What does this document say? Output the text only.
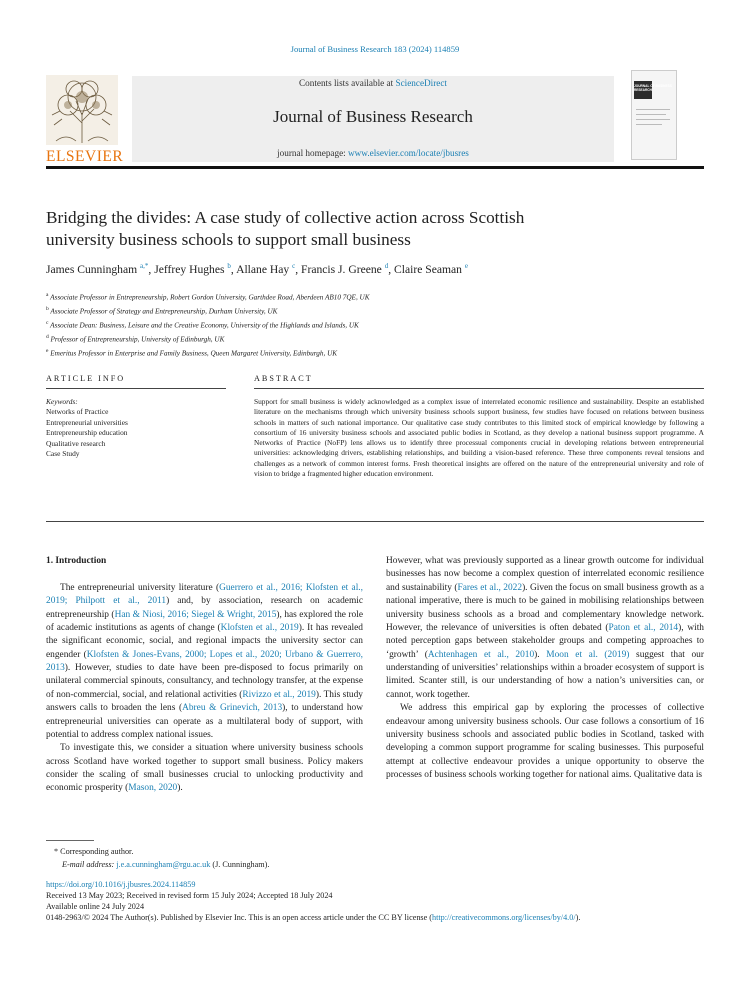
Journal of Business Research 183 (2024) 114859
ELSEVIER
Contents lists available at ScienceDirect
Journal of Business Research
journal homepage: www.elsevier.com/locate/jbusres
JOURNAL OF BUSINESS RESEARCH
Bridging the divides: A case study of collective action across Scottish
university business schools to support small business
James Cunningham $^{a,*}$, Jeffrey Hughes $^b$, Allane Hay $^c$, Francis J. Greene $^d$, Claire Seaman $^e$
$^a$ Associate Professor in Entrepreneurship, Robert Gordon University, Garthdee Road, Aberdeen AB10 7QE, UK
$^b$ Associate Professor of Strategy and Entrepreneurship, Durham University, UK
$^c$ Associate Dean: Business, Leisure and the Creative Economy, University of the Highlands and Islands, UK
$^d$ Professor of Entrepreneurship, University of Edinburgh, UK
$^e$ Emeritus Professor in Enterprise and Family Business, Queen Margaret University, Edinburgh, UK
ARTICLE INFO	ABSTRACT
Keywords:
Networks of Practice
Entrepreneurial universities
Entrepreneurship education
Qualitative research
Case Study
Support for small business is widely acknowledged as a complex issue of interrelated economic resilience and sustainability. Despite an established literature on the mechanisms through which university business schools support business, few studies have focused on relations between business schools in matters of such national importance. Our qualitative case study contributes to this limited stock of empirical knowledge by following a consortium of 16 university business schools and associated public bodies in Scotland, as they develop a national business support programme. A Networks of Practice (NoFP) lens allows us to identify three processual components crucial in developing relations between entrepreneurial universities: acknowledging drivers, establishing relationships, and building a vision-based reference. These three components reveal tensions and challenges as a network of common interest forms. Fresh theoretical insights are offered on the nature of the entrepreneurial university and role of vision to bridge a fragmented higher education environment.
1. Introduction

The entrepreneurial university literature (Guerrero et al., 2016; Klofsten et al., 2019; Philpott et al., 2011) and, by association, research on academic entrepreneurship (Han & Niosi, 2016; Siegel & Wright, 2015), has explored the role of academic institutions as agents of change (Klofsten et al., 2019). It has revealed the significant economic, social, and regional impacts the university sector can engender (Klofsten & Jones-Evans, 2000; Lopes et al., 2020; Urbano & Guerrero, 2013). However, studies to date have been pre-disposed to focus primarily on unilateral commercial spinouts, consultancy, and technology transfer, at the expense of non-commercial, social, and relational activities (Rivizzo et al., 2019). This study answers calls to broaden the lens (Abreu & Grinevich, 2013), to understand how entrepreneurial universities can operate as a multilateral body of support, with potential to address complex national issues.

To investigate this, we consider a situation where university business schools across Scotland have worked together to support small business. Policy makers consider the scaling of small businesses crucial to unlocking productivity and economic prosperity (Mason, 2020).

However, what was previously supported as a linear growth outcome for individual businesses has now become a complex question of interrelated economic resilience and sustainability (Fares et al., 2022). Given the focus on small business growth as a national imperative, there is much to be gained in mobilising relationships between university business schools as a broad and complementary knowledge network. However, the relevance of universities is often debated (Paton et al., 2014), with noted perception gaps between stakeholder groups and competing approaches to ‘growth’ (Achtenhagen et al., 2010). Moon et al. (2019) suggest that our understanding of universities’ relationships within a broader ecosystem of support is limited. Scanter still, is our understanding of how a nation’s universities can, or cannot, work together.

We address this empirical gap by exploring the processes of collective endeavour among university business schools. Our case follows a consortium of 16 university business schools and associated public bodies in Scotland, tasked with developing a common support programme for scaling businesses. This purposeful attempt at collective endeavour provides a unique opportunity to observe the processes of business schools working together for national aims. Qualitative data is

* Corresponding author.
E-mail address: j.e.a.cunningham@rgu.ac.uk (J. Cunningham).
https://doi.org/10.1016/j.jbusres.2024.114859
Received 13 May 2023; Received in revised form 15 July 2024; Accepted 18 July 2024
Available online 24 July 2024
0148-2963/© 2024 The Author(s). Published by Elsevier Inc. This is an open access article under the CC BY license (http://creativecommons.org/licenses/by/4.0/).
